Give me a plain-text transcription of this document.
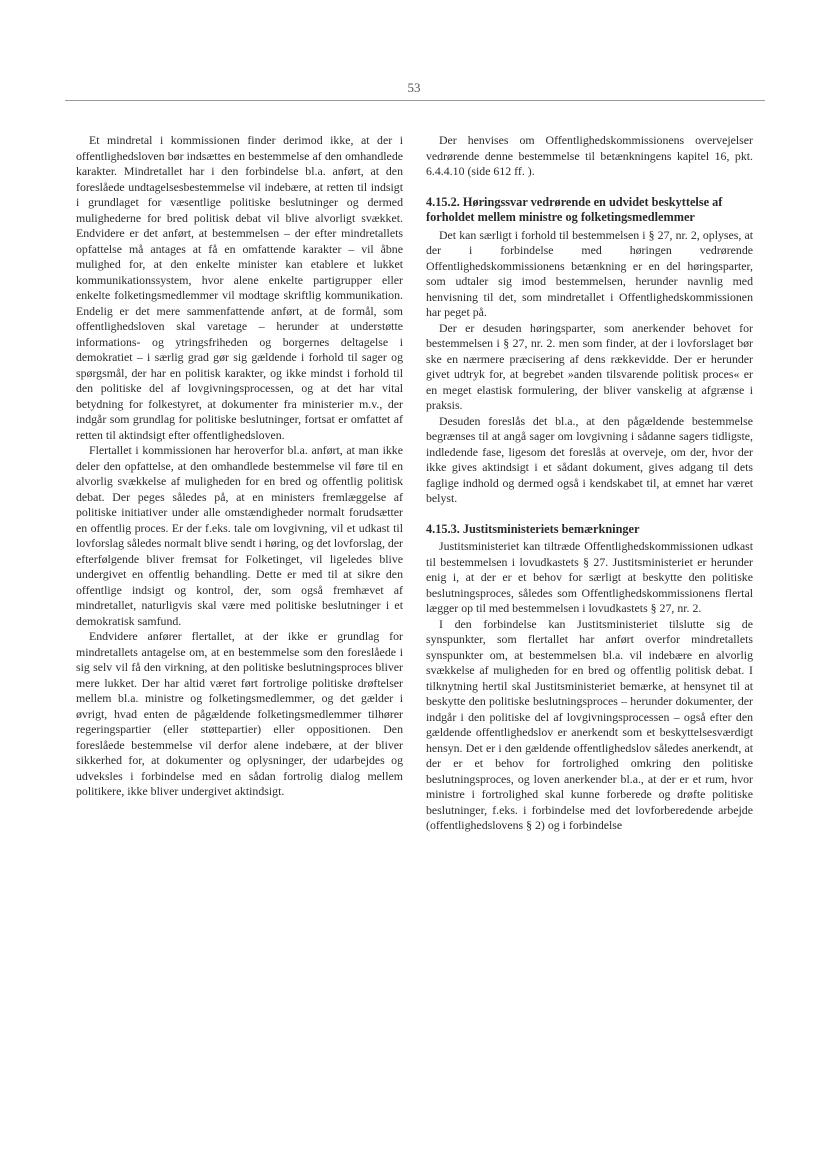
53

Et mindretal i kommissionen finder derimod ikke, at der i offentlighedsloven bør indsættes en bestemmelse af den omhandlede karakter. Mindretallet har i den forbindelse bl.a. anført, at den foreslåede undtagelsesbestemmelse vil indebære, at retten til indsigt i grundlaget for væsentlige politiske beslutninger og dermed mulighederne for bred politisk debat vil blive alvorligt svækket. Endvidere er det anført, at bestemmelsen – der efter mindretallets opfattelse må antages at få en omfattende karakter – vil åbne mulighed for, at den enkelte minister kan etablere et lukket kommunikationssystem, hvor alene enkelte partigrupper eller enkelte folketingsmedlemmer vil modtage skriftlig kommunikation. Endelig er det mere sammenfattende anført, at de formål, som offentlighedsloven skal varetage – herunder at understøtte informations- og ytringsfriheden og borgernes deltagelse i demokratiet – i særlig grad gør sig gældende i forhold til sager og spørgsmål, der har en politisk karakter, og ikke mindst i forhold til den politiske del af lovgivningsprocessen, og at det har vital betydning for folkestyret, at dokumenter fra ministerier m.v., der indgår som grundlag for politiske beslutninger, fortsat er omfattet af retten til aktindsigt efter offentlighedsloven.

Flertallet i kommissionen har heroverfor bl.a. anført, at man ikke deler den opfattelse, at den omhandlede bestemmelse vil føre til en alvorlig svækkelse af muligheden for en bred og offentlig politisk debat. Der peges således på, at en ministers fremlæggelse af politiske initiativer under alle omstændigheder normalt forudsætter en offentlig proces. Er der f.eks. tale om lovgivning, vil et udkast til lovforslag således normalt blive sendt i høring, og det lovforslag, der efterfølgende bliver fremsat for Folketinget, vil ligeledes blive undergivet en offentlig behandling. Dette er med til at sikre den offentlige indsigt og kontrol, der, som også fremhævet af mindretallet, naturligvis skal være med politiske beslutninger i et demokratisk samfund.

Endvidere anfører flertallet, at der ikke er grundlag for mindretallets antagelse om, at en bestemmelse som den foreslåede i sig selv vil få den virkning, at den politiske beslutningsproces bliver mere lukket. Der har altid været ført fortrolige politiske drøftelser mellem bl.a. ministre og folketingsmedlemmer, og det gælder i øvrigt, hvad enten de pågældende folketingsmedlemmer tilhører regeringspartier (eller støttepartier) eller oppositionen. Den foreslåede bestemmelse vil derfor alene indebære, at der bliver sikkerhed for, at dokumenter og oplysninger, der udarbejdes og udveksles i forbindelse med en sådan fortrolig dialog mellem politikere, ikke bliver undergivet aktindsigt.

Der henvises om Offentlighedskommissionens overvejelser vedrørende denne bestemmelse til betænkningens kapitel 16, pkt. 6.4.4.10 (side 612 ff. ).

4.15.2. Høringssvar vedrørende en udvidet beskyttelse af forholdet mellem ministre og folketingsmedlemmer

Det kan særligt i forhold til bestemmelsen i § 27, nr. 2, oplyses, at der i forbindelse med høringen vedrørende Offentlighedskommissionens betænkning er en del høringsparter, som udtaler sig imod bestemmelsen, herunder navnlig med henvisning til det, som mindretallet i Offentlighedskommissionen har peget på.

Der er desuden høringsparter, som anerkender behovet for bestemmelsen i § 27, nr. 2. men som finder, at der i lovforslaget bør ske en nærmere præcisering af dens rækkevidde. Der er herunder givet udtryk for, at begrebet »anden tilsvarende politisk proces« er en meget elastisk formulering, der bliver vanskelig at afgrænse i praksis.

Desuden foreslås det bl.a., at den pågældende bestemmelse begrænses til at angå sager om lovgivning i sådanne sagers tidligste, indledende fase, ligesom det foreslås at overveje, om der, hvor der ikke gives aktindsigt i et sådant dokument, gives adgang til dets faglige indhold og dermed også i kendskabet til, at emnet har været belyst.

4.15.3. Justitsministeriets bemærkninger

Justitsministeriet kan tiltræde Offentlighedskommissionen udkast til bestemmelsen i lovudkastets § 27. Justitsministeriet er herunder enig i, at der er et behov for særligt at beskytte den politiske beslutningsproces, således som Offentlighedskommissionens flertal lægger op til med bestemmelsen i lovudkastets § 27, nr. 2.

I den forbindelse kan Justitsministeriet tilslutte sig de synspunkter, som flertallet har anført overfor mindretallets synspunkter om, at bestemmelsen bl.a. vil indebære en alvorlig svækkelse af muligheden for en bred og offentlig politisk debat. I tilknytning hertil skal Justitsministeriet bemærke, at hensynet til at beskytte den politiske beslutningsproces – herunder dokumenter, der indgår i den politiske del af lovgivningsprocessen – også efter den gældende offentlighedslov er anerkendt som et beskyttelsesværdigt hensyn. Det er i den gældende offentlighedslov således anerkendt, at der er et behov for fortrolighed omkring den politiske beslutningsproces, og loven anerkender bl.a., at der er et rum, hvor ministre i fortrolighed skal kunne forberede og drøfte politiske beslutninger, f.eks. i forbindelse med det lovforberedende arbejde (offentlighedslovens § 2) og i forbindelse
